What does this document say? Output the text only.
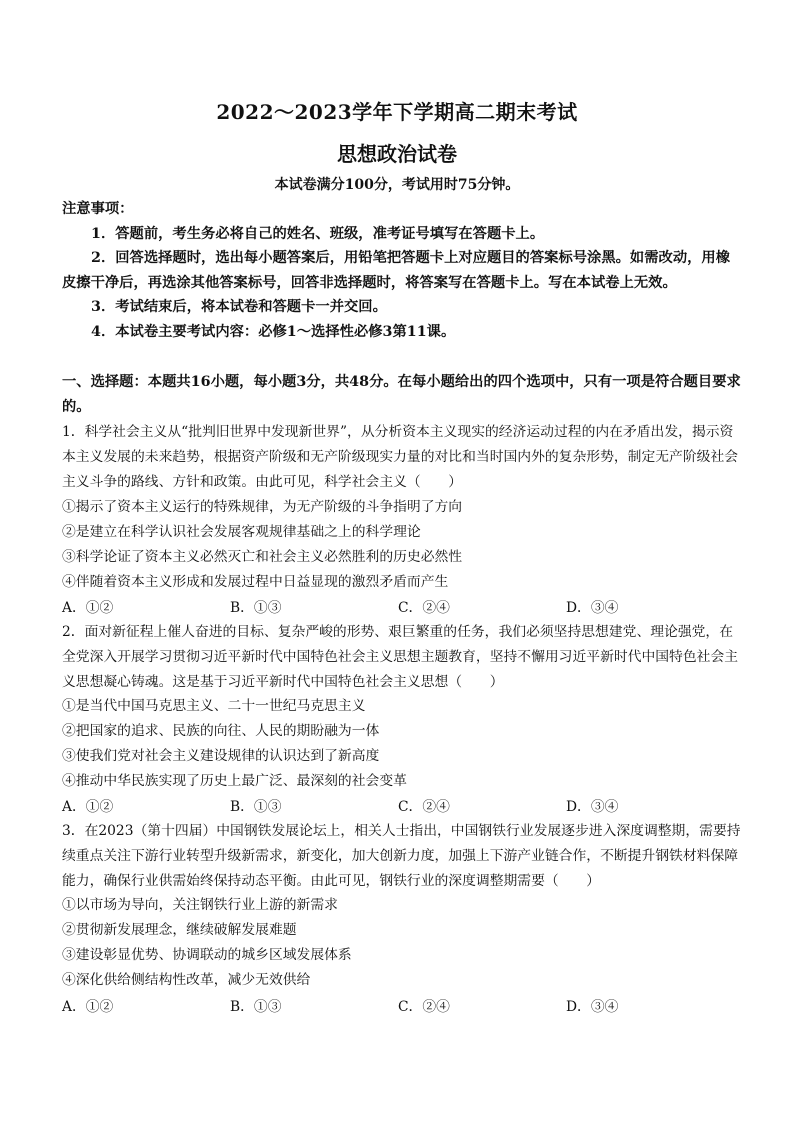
2022～2023学年下学期高二期末考试
思想政治试卷
本试卷满分100分，考试用时75分钟。

注意事项：

1．答题前，考生务必将自己的姓名、班级，准考证号填写在答题卡上。

2．回答选择题时，选出每小题答案后，用铅笔把答题卡上对应题目的答案标号涂黑。如需改动，用橡皮擦干净后，再选涂其他答案标号，回答非选择题时，将答案写在答题卡上。写在本试卷上无效。

3．考试结束后，将本试卷和答题卡一并交回。

4．本试卷主要考试内容：必修1～选择性必修3第11课。

一、选择题：本题共16小题，每小题3分，共48分。在每小题给出的四个选项中，只有一项是符合题目要求的。
1．科学社会主义从“批判旧世界中发现新世界”，从分析资本主义现实的经济运动过程的内在矛盾出发，揭示资本主义发展的未来趋势，根据资产阶级和无产阶级现实力量的对比和当时国内外的复杂形势，制定无产阶级社会主义斗争的路线、方针和政策。由此可见，科学社会主义（　　）
①揭示了资本主义运行的特殊规律，为无产阶级的斗争指明了方向
②是建立在科学认识社会发展客观规律基础之上的科学理论
③科学论证了资本主义必然灭亡和社会主义必然胜利的历史必然性
④伴随着资本主义形成和发展过程中日益显现的激烈矛盾而产生
A．①②	B．①③	C．②④	D．③④
2．面对新征程上催人奋进的目标、复杂严峻的形势、艰巨繁重的任务，我们必须坚持思想建党、理论强党，在全党深入开展学习贯彻习近平新时代中国特色社会主义思想主题教育，坚持不懈用习近平新时代中国特色社会主义思想凝心铸魂。这是基于习近平新时代中国特色社会主义思想（　　）
①是当代中国马克思主义、二十一世纪马克思主义
②把国家的追求、民族的向往、人民的期盼融为一体
③使我们党对社会主义建设规律的认识达到了新高度
④推动中华民族实现了历史上最广泛、最深刻的社会变革
A．①②	B．①③	C．②④	D．③④
3．在2023（第十四届）中国钢铁发展论坛上，相关人士指出，中国钢铁行业发展逐步进入深度调整期，需要持续重点关注下游行业转型升级新需求，新变化，加大创新力度，加强上下游产业链合作，不断提升钢铁材料保障能力，确保行业供需始终保持动态平衡。由此可见，钢铁行业的深度调整期需要（　　）
①以市场为导向，关注钢铁行业上游的新需求
②贯彻新发展理念，继续破解发展难题
③建设彰显优势、协调联动的城乡区域发展体系
④深化供给侧结构性改革，减少无效供给
A．①②	B．①③	C．②④	D．③④
